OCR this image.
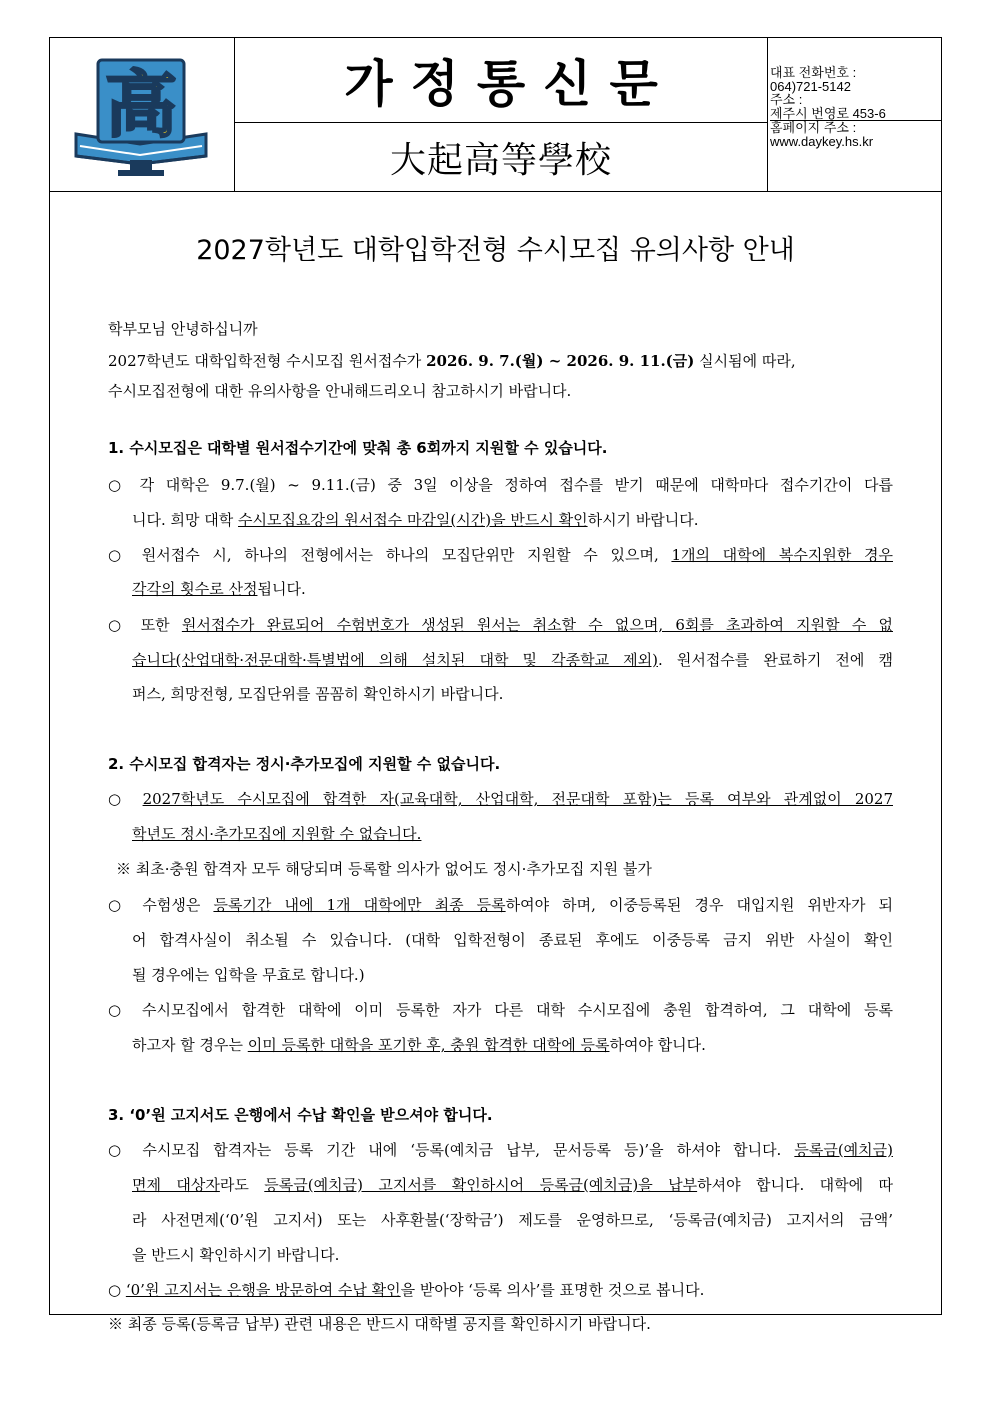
高	가정통신문
大起高等學校
대표 전화번호 :
064)721-5142
주소 :
제주시 번영로 453-6
홈페이지 주소 :
www.daykey.hs.kr
2027학년도 대학입학전형 수시모집 유의사항 안내
학부모님 안녕하십니까
2027학년도 대학입학전형 수시모집 원서접수가 2026. 9. 7.(월) ~ 2026. 9. 11.(금) 실시됨에 따라,
수시모집전형에 대한 유의사항을 안내해드리오니 참고하시기 바랍니다.
1. 수시모집은 대학별 원서접수기간에 맞춰 총 6회까지 지원할 수 있습니다.
○ 각 대학은 9.7.(월) ~ 9.11.(금) 중 3일 이상을 정하여 접수를 받기 때문에 대학마다 접수기간이 다릅
니다. 희망 대학 수시모집요강의 원서접수 마감일(시간)을 반드시 확인하시기 바랍니다.
○ 원서접수 시, 하나의 전형에서는 하나의 모집단위만 지원할 수 있으며, 1개의 대학에 복수지원한 경우
각각의 횟수로 산정됩니다.
○ 또한 원서접수가 완료되어 수험번호가 생성된 원서는 취소할 수 없으며, 6회를 초과하여 지원할 수 없
습니다(산업대학·전문대학·특별법에 의해 설치된 대학 및 각종학교 제외). 원서접수를 완료하기 전에 캠
퍼스, 희망전형, 모집단위를 꼼꼼히 확인하시기 바랍니다.
2. 수시모집 합격자는 정시·추가모집에 지원할 수 없습니다.
○ 2027학년도 수시모집에 합격한 자(교육대학, 산업대학, 전문대학 포함)는 등록 여부와 관계없이 2027
학년도 정시·추가모집에 지원할 수 없습니다.
※ 최초·충원 합격자 모두 해당되며 등록할 의사가 없어도 정시·추가모집 지원 불가
○ 수험생은 등록기간 내에 1개 대학에만 최종 등록하여야 하며, 이중등록된 경우 대입지원 위반자가 되
어 합격사실이 취소될 수 있습니다. (대학 입학전형이 종료된 후에도 이중등록 금지 위반 사실이 확인
될 경우에는 입학을 무효로 합니다.)
○ 수시모집에서 합격한 대학에 이미 등록한 자가 다른 대학 수시모집에 충원 합격하여, 그 대학에 등록
하고자 할 경우는 이미 등록한 대학을 포기한 후, 충원 합격한 대학에 등록하여야 합니다.
3. ‘0’원 고지서도 은행에서 수납 확인을 받으셔야 합니다.
○ 수시모집 합격자는 등록 기간 내에 ‘등록(예치금 납부, 문서등록 등)’을 하셔야 합니다. 등록금(예치금)
면제 대상자라도 등록금(예치금) 고지서를 확인하시어 등록금(예치금)을 납부하셔야 합니다. 대학에 따
라 사전면제(‘0’원 고지서) 또는 사후환불(‘장학금’) 제도를 운영하므로, ‘등록금(예치금) 고지서의 금액’
을 반드시 확인하시기 바랍니다.
○ ‘0’원 고지서는 은행을 방문하여 수납 확인을 받아야 ‘등록 의사’를 표명한 것으로 봅니다.
※ 최종 등록(등록금 납부) 관련 내용은 반드시 대학별 공지를 확인하시기 바랍니다.
